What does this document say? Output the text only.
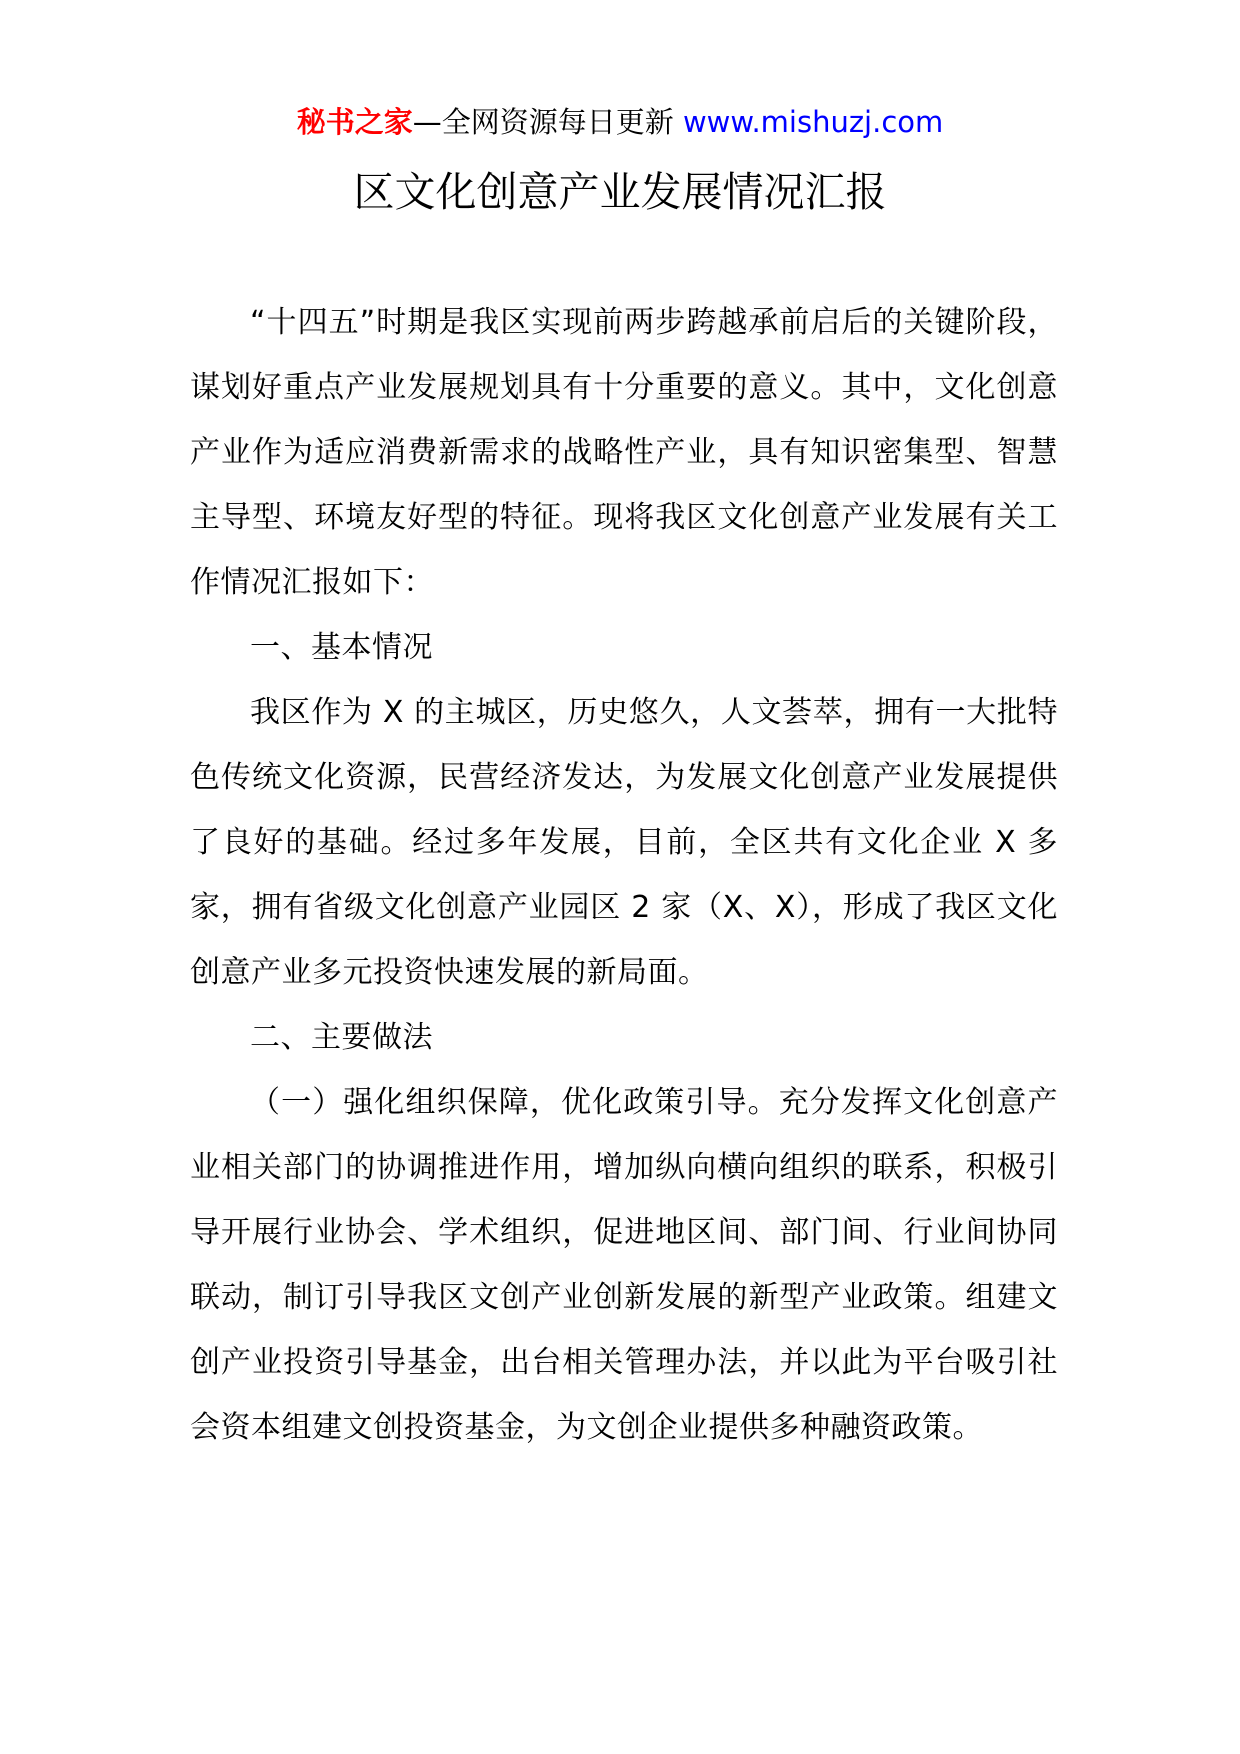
秘书之家—全网资源每日更新 www.mishuzj.com
区文化创意产业发展情况汇报

“十四五”时期是我区实现前两步跨越承前启后的关键阶段，谋划好重点产业发展规划具有十分重要的意义。其中，文化创意产业作为适应消费新需求的战略性产业，具有知识密集型、智慧主导型、环境友好型的特征。现将我区文化创意产业发展有关工作情况汇报如下：

一、基本情况

我区作为 X 的主城区，历史悠久，人文荟萃，拥有一大批特色传统文化资源，民营经济发达，为发展文化创意产业发展提供了良好的基础。经过多年发展，目前，全区共有文化企业 X 多家，拥有省级文化创意产业园区 2 家（X、X），形成了我区文化创意产业多元投资快速发展的新局面。

二、主要做法

（一）强化组织保障，优化政策引导。充分发挥文化创意产业相关部门的协调推进作用，增加纵向横向组织的联系，积极引导开展行业协会、学术组织，促进地区间、部门间、行业间协同联动，制订引导我区文创产业创新发展的新型产业政策。组建文创产业投资引导基金，出台相关管理办法，并以此为平台吸引社会资本组建文创投资基金，为文创企业提供多种融资政策。
